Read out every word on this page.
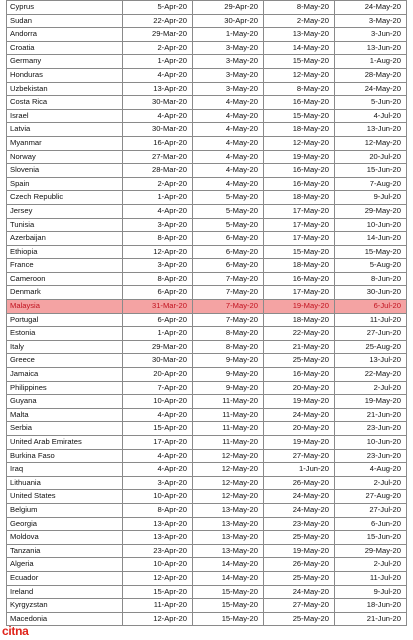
Cyprus	5-Apr-20	29-Apr-20	8-May-20	24-May-20
Sudan	22-Apr-20	30-Apr-20	2-May-20	3-May-20
Andorra	29-Mar-20	1-May-20	13-May-20	3-Jun-20
Croatia	2-Apr-20	3-May-20	14-May-20	13-Jun-20
Germany	1-Apr-20	3-May-20	15-May-20	1-Aug-20
Honduras	4-Apr-20	3-May-20	12-May-20	28-May-20
Uzbekistan	13-Apr-20	3-May-20	8-May-20	24-May-20
Costa Rica	30-Mar-20	4-May-20	16-May-20	5-Jun-20
Israel	4-Apr-20	4-May-20	15-May-20	4-Jul-20
Latvia	30-Mar-20	4-May-20	18-May-20	13-Jun-20
Myanmar	16-Apr-20	4-May-20	12-May-20	12-May-20
Norway	27-Mar-20	4-May-20	19-May-20	20-Jul-20
Slovenia	28-Mar-20	4-May-20	16-May-20	15-Jun-20
Spain	2-Apr-20	4-May-20	16-May-20	7-Aug-20
Czech Republic	1-Apr-20	5-May-20	18-May-20	9-Jul-20
Jersey	4-Apr-20	5-May-20	17-May-20	29-May-20
Tunisia	3-Apr-20	5-May-20	17-May-20	10-Jun-20
Azerbaijan	8-Apr-20	6-May-20	17-May-20	14-Jun-20
Ethiopia	12-Apr-20	6-May-20	15-May-20	15-May-20
France	3-Apr-20	6-May-20	18-May-20	5-Aug-20
Cameroon	8-Apr-20	7-May-20	16-May-20	8-Jun-20
Denmark	6-Apr-20	7-May-20	17-May-20	30-Jun-20
Malaysia	31-Mar-20	7-May-20	19-May-20	6-Jul-20
Portugal	6-Apr-20	7-May-20	18-May-20	11-Jul-20
Estonia	1-Apr-20	8-May-20	22-May-20	27-Jun-20
Italy	29-Mar-20	8-May-20	21-May-20	25-Aug-20
Greece	30-Mar-20	9-May-20	25-May-20	13-Jul-20
Jamaica	20-Apr-20	9-May-20	16-May-20	22-May-20
Philippines	7-Apr-20	9-May-20	20-May-20	2-Jul-20
Guyana	10-Apr-20	11-May-20	19-May-20	19-May-20
Malta	4-Apr-20	11-May-20	24-May-20	21-Jun-20
Serbia	15-Apr-20	11-May-20	20-May-20	23-Jun-20
United Arab Emirates	17-Apr-20	11-May-20	19-May-20	10-Jun-20
Burkina Faso	4-Apr-20	12-May-20	27-May-20	23-Jun-20
Iraq	4-Apr-20	12-May-20	1-Jun-20	4-Aug-20
Lithuania	3-Apr-20	12-May-20	26-May-20	2-Jul-20
United States	10-Apr-20	12-May-20	24-May-20	27-Aug-20
Belgium	8-Apr-20	13-May-20	24-May-20	27-Jul-20
Georgia	13-Apr-20	13-May-20	23-May-20	6-Jun-20
Moldova	13-Apr-20	13-May-20	25-May-20	15-Jun-20
Tanzania	23-Apr-20	13-May-20	19-May-20	29-May-20
Algeria	10-Apr-20	14-May-20	26-May-20	2-Jul-20
Ecuador	12-Apr-20	14-May-20	25-May-20	11-Jul-20
Ireland	15-Apr-20	15-May-20	24-May-20	9-Jul-20
Kyrgyzstan	11-Apr-20	15-May-20	27-May-20	18-Jun-20
Macedonia	12-Apr-20	15-May-20	25-May-20	21-Jun-20
citna
